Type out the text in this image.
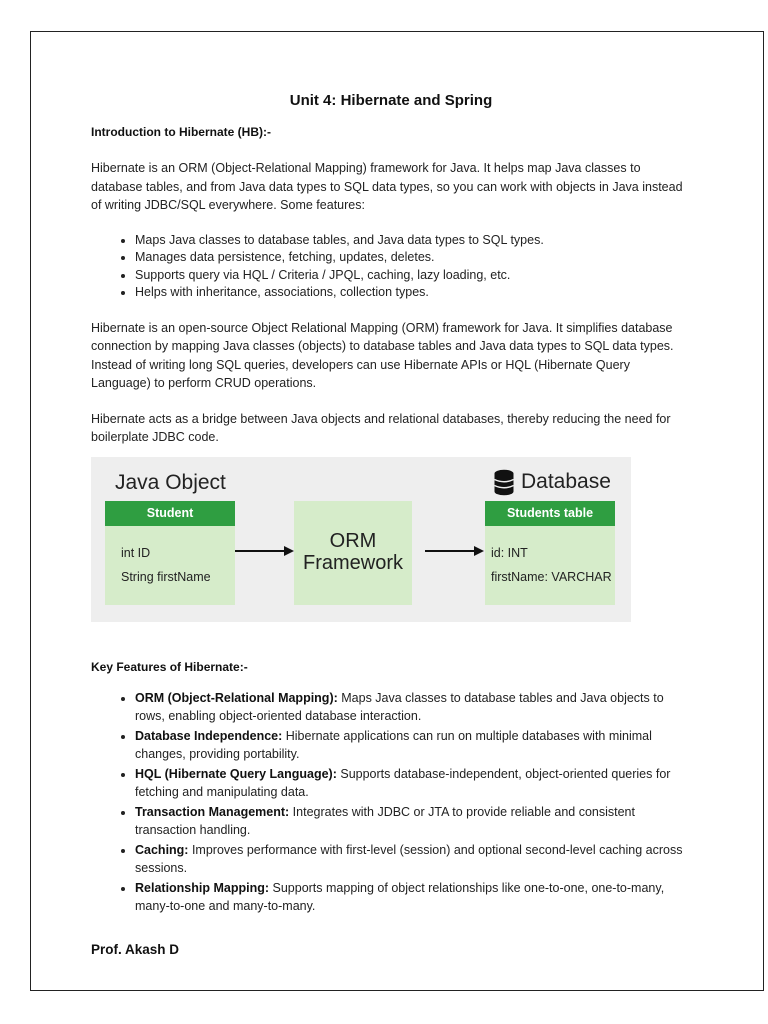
Unit 4: Hibernate and Spring
Introduction to Hibernate (HB):-

Hibernate is an ORM (Object-Relational Mapping) framework for Java. It helps map Java classes to database tables, and from Java data types to SQL data types, so you can work with objects in Java instead of writing JDBC/SQL everywhere. Some features:

• Maps Java classes to database tables, and Java data types to SQL types.
• Manages data persistence, fetching, updates, deletes.
• Supports query via HQL / Criteria / JPQL, caching, lazy loading, etc.
• Helps with inheritance, associations, collection types.

Hibernate is an open-source Object Relational Mapping (ORM) framework for Java. It simplifies database connection by mapping Java classes (objects) to database tables and Java data types to SQL data types. Instead of writing long SQL queries, developers can use Hibernate APIs or HQL (Hibernate Query Language) to perform CRUD operations.

Hibernate acts as a bridge between Java objects and relational databases, thereby reducing the need for boilerplate JDBC code.

Java Object
Student
int ID
String firstName
ORM
Framework
Database
Students table
id: INT
firstName: VARCHAR
Key Features of Hibernate:-
• ORM (Object-Relational Mapping): Maps Java classes to database tables and Java objects to rows, enabling object-oriented database interaction.
• Database Independence: Hibernate applications can run on multiple databases with minimal changes, providing portability.
• HQL (Hibernate Query Language): Supports database-independent, object-oriented queries for fetching and manipulating data.
• Transaction Management: Integrates with JDBC or JTA to provide reliable and consistent transaction handling.
• Caching: Improves performance with first-level (session) and optional second-level caching across sessions.
• Relationship Mapping: Supports mapping of object relationships like one-to-one, one-to-many, many-to-one and many-to-many.
Prof. Akash D
